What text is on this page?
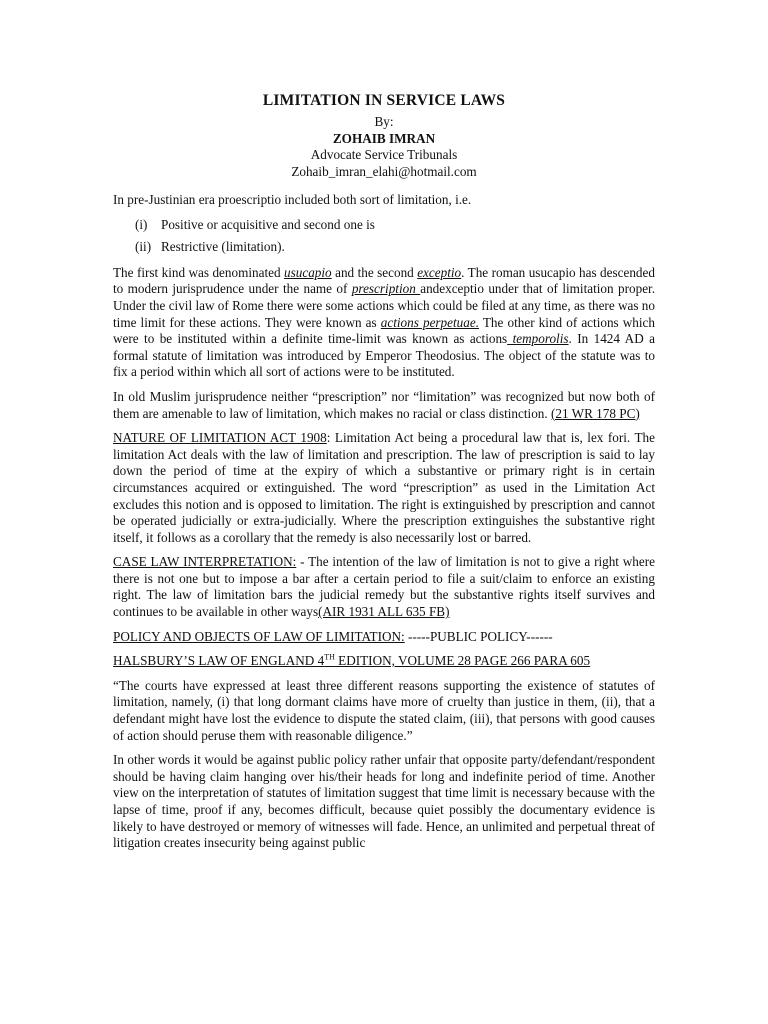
LIMITATION IN SERVICE LAWS
By:
ZOHAIB IMRAN
Advocate Service Tribunals
Zohaib_imran_elahi@hotmail.com

In pre-Justinian era proescriptio included both sort of limitation, i.e.

(i)	Positive or acquisitive and second one is
(ii) Restrictive (limitation).

The first kind was denominated usucapio and the second exceptio. The roman usucapio has descended to modern jurisprudence under the name of prescription andexceptio under that of limitation proper. Under the civil law of Rome there were some actions which could be filed at any time, as there was no time limit for these actions. They were known as actions perpetuae. The other kind of actions which were to be instituted within a definite time-limit was known as actions temporolis. In 1424 AD a formal statute of limitation was introduced by Emperor Theodosius. The object of the statute was to fix a period within which all sort of actions were to be instituted.

In old Muslim jurisprudence neither “prescription” nor “limitation” was recognized but now both of them are amenable to law of limitation, which makes no racial or class distinction. (21 WR 178 PC)

NATURE OF LIMITATION ACT 1908: Limitation Act being a procedural law that is, lex fori. The limitation Act deals with the law of limitation and prescription. The law of prescription is said to lay down the period of time at the expiry of which a substantive or primary right is in certain circumstances acquired or extinguished. The word “prescription” as used in the Limitation Act excludes this notion and is opposed to limitation. The right is extinguished by prescription and cannot be operated judicially or extra-judicially. Where the prescription extinguishes the substantive right itself, it follows as a corollary that the remedy is also necessarily lost or barred.

CASE LAW INTERPRETATION: - The intention of the law of limitation is not to give a right where there is not one but to impose a bar after a certain period to file a suit/claim to enforce an existing right. The law of limitation bars the judicial remedy but the substantive rights itself survives and continues to be available in other ways(AIR 1931 ALL 635 FB)

POLICY AND OBJECTS OF LAW OF LIMITATION: -----PUBLIC POLICY------

HALSBURY’S LAW OF ENGLAND 4TH EDITION, VOLUME 28 PAGE 266 PARA 605

“The courts have expressed at least three different reasons supporting the existence of statutes of limitation, namely, (i) that long dormant claims have more of cruelty than justice in them, (ii), that a defendant might have lost the evidence to dispute the stated claim, (iii), that persons with good causes of action should peruse them with reasonable diligence.”

In other words it would be against public policy rather unfair that opposite party/defendant/respondent should be having claim hanging over his/their heads for long and indefinite period of time. Another view on the interpretation of statutes of limitation suggest that time limit is necessary because with the lapse of time, proof if any, becomes difficult, because quiet possibly the documentary evidence is likely to have destroyed or memory of witnesses will fade. Hence, an unlimited and perpetual threat of litigation creates insecurity being against public
